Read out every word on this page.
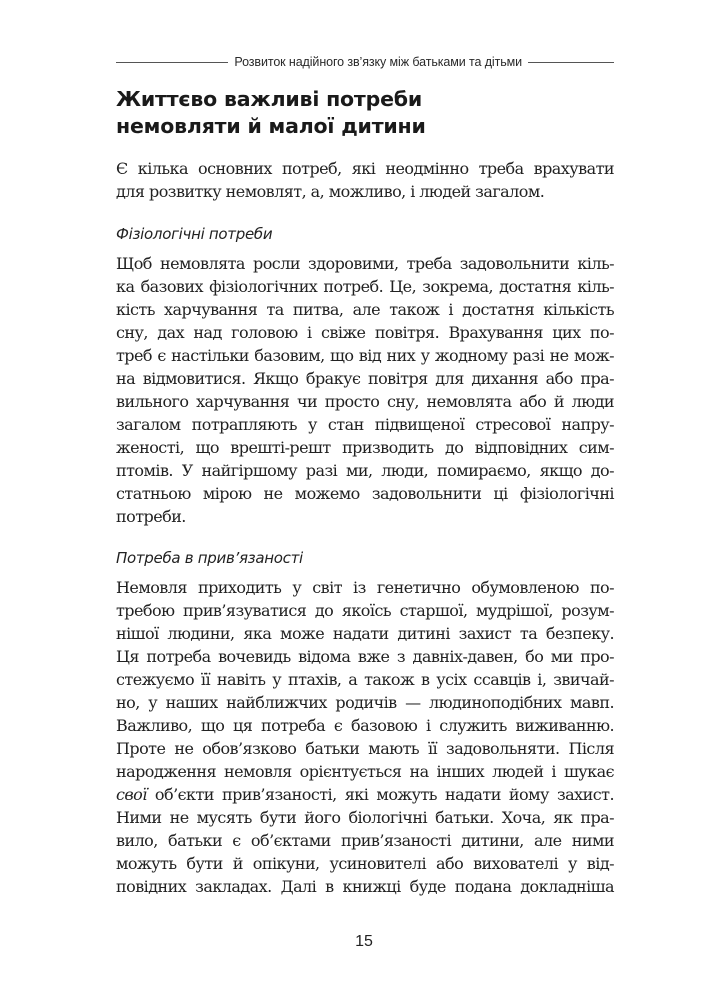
Розвиток надійного зв’язку між батьками та дітьми
Життєво важливі потреби
немовляти й малої дитини

Є кілька основних потреб, які неодмінно треба врахувати
для розвитку немовлят, а, можливо, і людей загалом.

Фізіологічні потреби

Щоб немовлята росли здоровими, треба задовольнити кіль-
ка базових фізіологічних потреб. Це, зокрема, достатня кіль-
кість харчування та питва, але також і достатня кількість
сну, дах над головою і свіже повітря. Врахування цих по-
треб є настільки базовим, що від них у жодному разі не мож-
на відмовитися. Якщо бракує повітря для дихання або пра-
вильного харчування чи просто сну, немовлята або й люди
загалом потрапляють у стан підвищеної стресової напру-
женості, що врешті-решт призводить до відповідних сим-
птомів. У найгіршому разі ми, люди, помираємо, якщо до-
статньою мірою не можемо задовольнити ці фізіологічні
потреби.

Потреба в прив’язаності

Немовля приходить у світ із генетично обумовленою по-
требою прив’язуватися до якоїсь старшої, мудрішої, розум-
нішої людини, яка може надати дитині захист та безпеку.
Ця потреба вочевидь відома вже з давніх-давен, бо ми про-
стежуємо її навіть у птахів, а також в усіх ссавців і, звичай-
но, у наших найближчих родичів — людиноподібних мавп.
Важливо, що ця потреба є базовою і служить виживанню.
Проте не обов’язково батьки мають її задовольняти. Після
народження немовля орієнтується на інших людей і шукає
свої об’єкти прив’язаності, які можуть надати йому захист.
Ними не мусять бути його біологічні батьки. Хоча, як пра-
вило, батьки є об’єктами прив’язаності дитини, але ними
можуть бути й опікуни, усиновителі або вихователі у від-
повідних закладах. Далі в книжці буде подана докладніша

15
